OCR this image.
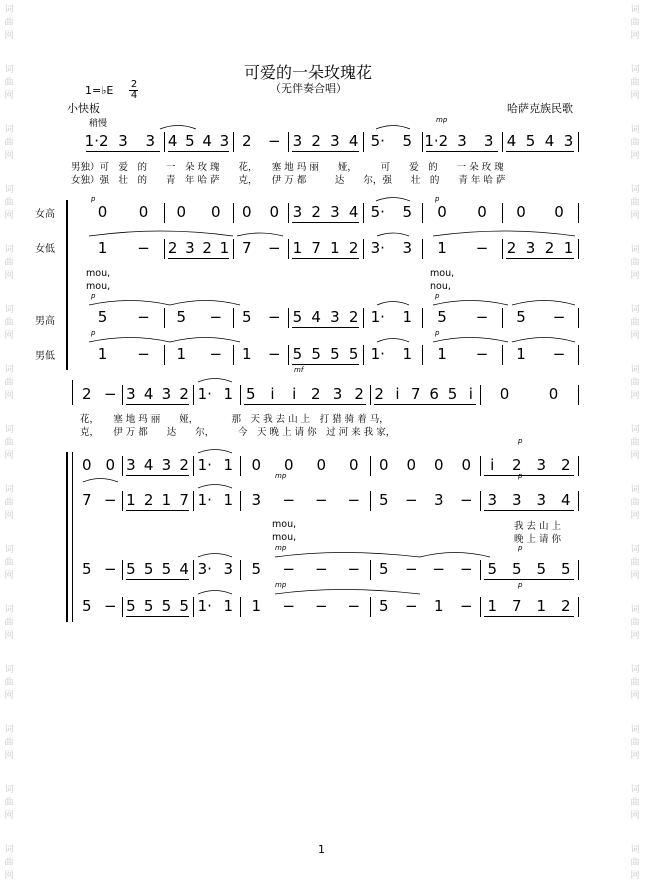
词
曲
网
词
曲
网
词
曲
网
词
曲
网
词
曲
网
词
曲
网
词
曲
网
词
曲
网
词
曲
网
词
曲
网
词
曲
网
词
曲
网
词
曲
网
词
曲
网
词
曲
网
词
曲
网
词
曲
网
词
曲
网
词
曲
网
词
曲
网
词
曲
网
词
曲
网
词
曲
网
词
曲
网
词
曲
网
词
曲
网
词
曲
网
词
曲
网
词
曲
网
词
曲
网
可爱的一朵玫瑰花
（无伴奏合唱）
1=♭E 2
4
小快板
稍慢
哈萨克族民歌
mp
1·2 3 3 4 5 4 3 2 − 3 2 3 4 5· 5 1·2 3 3 4 5 4 3
男独）可　爱　的　　一　朵 玫 瑰　　花，　　塞 地 玛 丽　　娅，　　　可　　爱　的　　一 朵 玫 瑰
女独）强　壮　的　　青　年 哈 萨　　克，　　伊 万 都　　　达　　尔，强　　壮　的　　青 年 哈 萨
女高
女低
男高
男低
p	p
0 0 0 0 0 0 3 2 3 4 5· 5 0 0 0 0
1 − 2 3 2 1 7 − 1 7 1 2 3· 3 1 − 2 3 2 1
mou,	mou,
mou,	nou,
p	p
5 − 5 − 5 − 5 4 3 2 1· 1 5 − 5 −
p	p
1 − 1 − 1 − 5 5 5 5 1· 1 1 − 1 −
mf
2 − 3 4 3 2 1· 1 5 i	i 2 3 2 2 i 7 6 5 i	0	0
花，　　塞 地 玛 丽　　娅，　　　　那　天 我 去 山 上　打 猎 骑 着 马，
克，　　伊 万 都　　达　　尔，　　　今　天 晚 上 请 你　过 河 来 我 家，
p
0 0 3 4 3 2 1· 1 0 0 0 0 0 0 0 0	i	2 3 2
mp	p
7 − 1 2 1 7 1· 1 3 − − − 5 − 3 − 3 3 3 4
mou,
mou,
我 去 山 上
晚 上 请 你
mp	p
5 − 5 5 5 4 3· 3 5 − − − 5 − − − 5 5 5 5
mp	p
5 − 5 5 5 5 1· 1 1 − − − 5 − 1 − 1 7 1 2
1
